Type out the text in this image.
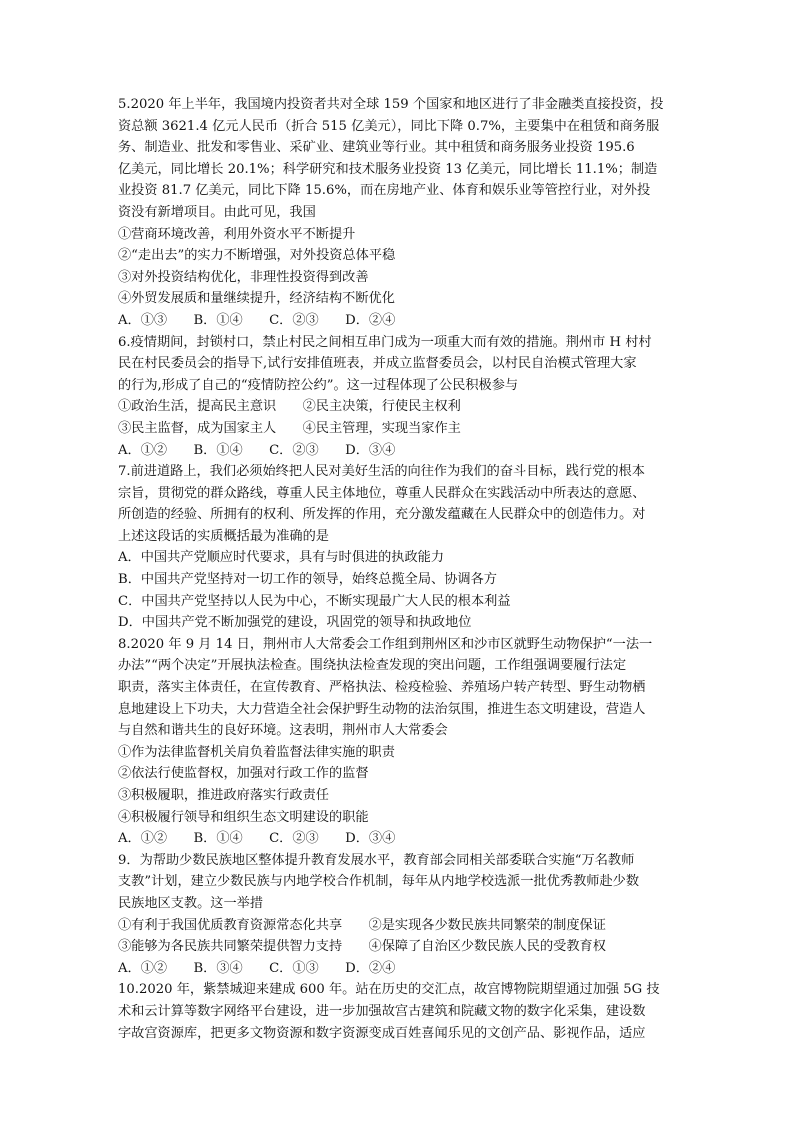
5.2020 年上半年，我国境内投资者共对全球 159 个国家和地区进行了非金融类直接投资，投
资总额 3621.4 亿元人民币（折合 515 亿美元），同比下降 0.7%，主要集中在租赁和商务服
务、制造业、批发和零售业、采矿业、建筑业等行业。其中租赁和商务服务业投资 195.6
亿美元，同比增长 20.1%；科学研究和技术服务业投资 13 亿美元，同比增长 11.1%；制造
业投资 81.7 亿美元，同比下降 15.6%，而在房地产业、体育和娱乐业等管控行业，对外投
资没有新增项目。由此可见，我国
①营商环境改善，利用外资水平不断提升
②“走出去”的实力不断增强，对外投资总体平稳
③对外投资结构优化，非理性投资得到改善
④外贸发展质和量继续提升，经济结构不断优化
A．①③　　B．①④　　C．②③　　D．②④
6.疫情期间，封锁村口，禁止村民之间相互串门成为一项重大而有效的措施。荆州市 H 村村
民在村民委员会的指导下,试行安排值班表，并成立监督委员会，以村民自治模式管理大家
的行为,形成了自己的“疫情防控公约”。这一过程体现了公民积极参与
①政治生活，提高民主意识　　②民主决策，行使民主权利
③民主监督，成为国家主人　　④民主管理，实现当家作主
A．①②　　B．①④　　C．②③　　D．③④
7.前进道路上，我们必须始终把人民对美好生活的向往作为我们的奋斗目标，践行党的根本
宗旨，贯彻党的群众路线，尊重人民主体地位，尊重人民群众在实践活动中所表达的意愿、
所创造的经验、所拥有的权利、所发挥的作用，充分激发蕴藏在人民群众中的创造伟力。对
上述这段话的实质概括最为准确的是
A．中国共产党顺应时代要求，具有与时俱进的执政能力
B．中国共产党坚持对一切工作的领导，始终总揽全局、协调各方
C．中国共产党坚持以人民为中心，不断实现最广大人民的根本利益
D．中国共产党不断加强党的建设，巩固党的领导和执政地位
8.2020 年 9 月 14 日，荆州市人大常委会工作组到荆州区和沙市区就野生动物保护“一法一
办法”“两个决定”开展执法检查。围绕执法检查发现的突出问题，工作组强调要履行法定
职责，落实主体责任，在宣传教育、严格执法、检疫检验、养殖场户转产转型、野生动物栖
息地建设上下功夫，大力营造全社会保护野生动物的法治氛围，推进生态文明建设，营造人
与自然和谐共生的良好环境。这表明，荆州市人大常委会
①作为法律监督机关肩负着监督法律实施的职责
②依法行使监督权，加强对行政工作的监督
③积极履职，推进政府落实行政责任
④积极履行领导和组织生态文明建设的职能
A．①②　　B．①④　　C．②③　　D．③④
9．为帮助少数民族地区整体提升教育发展水平，教育部会同相关部委联合实施“万名教师
支教”计划，建立少数民族与内地学校合作机制，每年从内地学校选派一批优秀教师赴少数
民族地区支教。这一举措
①有利于我国优质教育资源常态化共享　　②是实现各少数民族共同繁荣的制度保证
③能够为各民族共同繁荣提供智力支持　　④保障了自治区少数民族人民的受教育权
A．①②　　B．③④　　C．①③　　D．②④
10.2020 年，紫禁城迎来建成 600 年。站在历史的交汇点，故宫博物院期望通过加强 5G 技
术和云计算等数字网络平台建设，进一步加强故宫古建筑和院藏文物的数字化采集，建设数
字故宫资源库，把更多文物资源和数字资源变成百姓喜闻乐见的文创产品、影视作品，适应
